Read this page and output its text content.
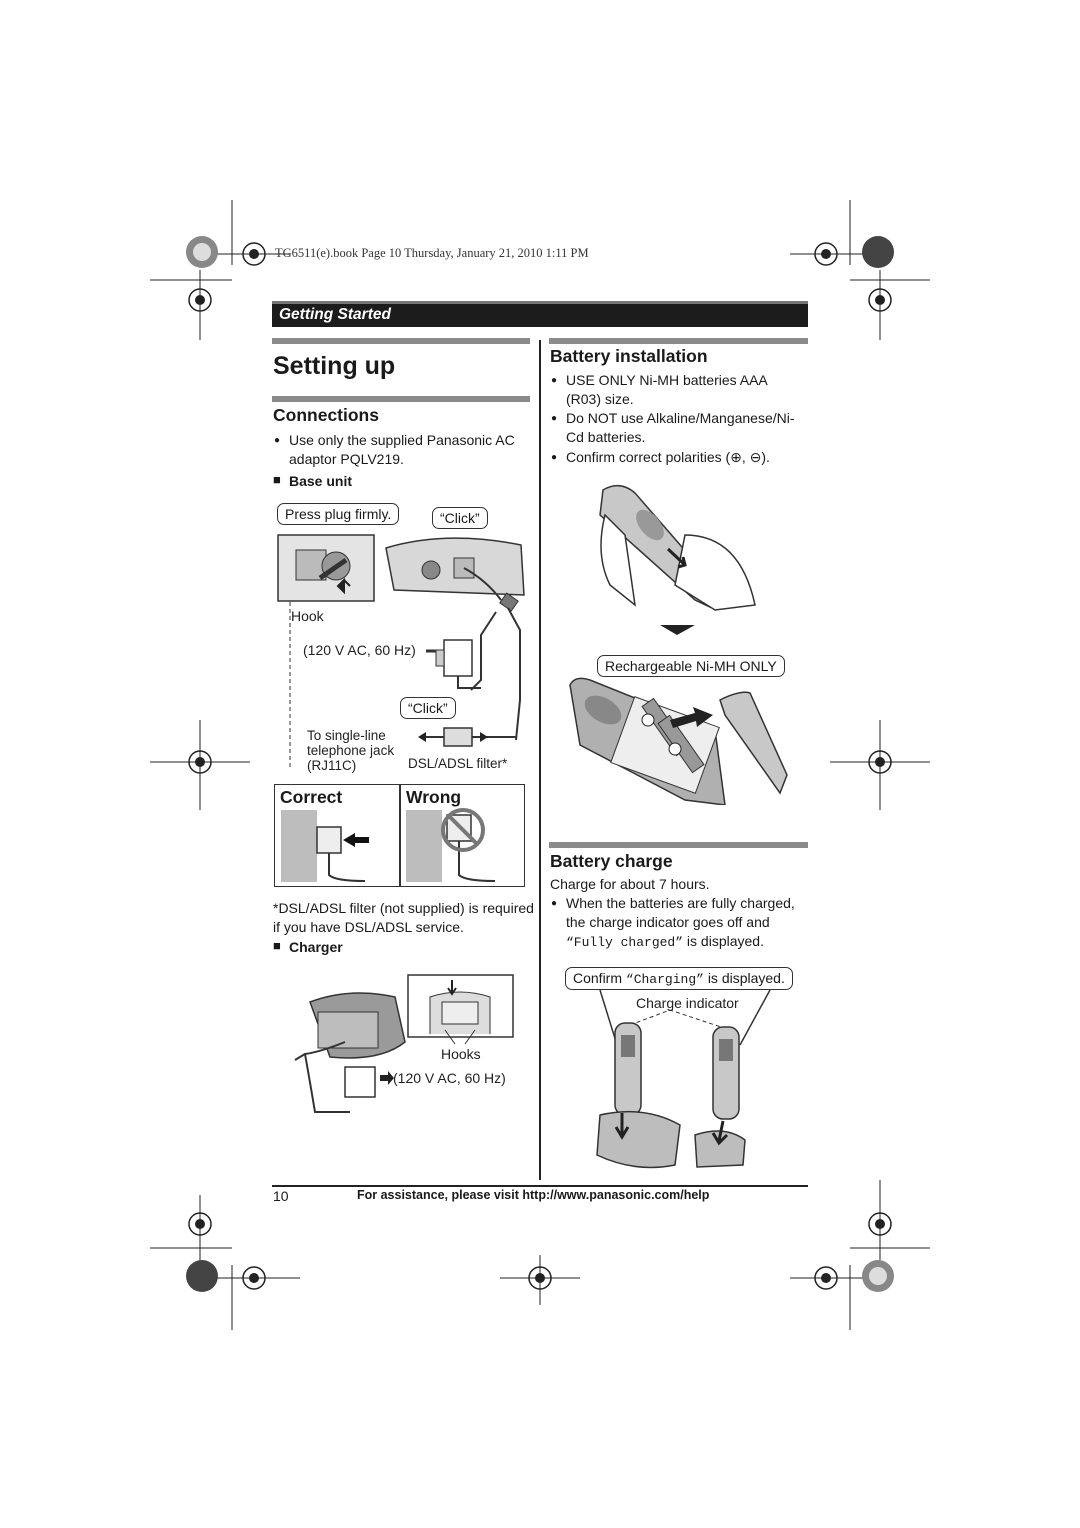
TG6511(e).book Page 10 Thursday, January 21, 2010 1:11 PM
Getting Started
Setting up
Connections
● Use only the supplied Panasonic AC adaptor PQLV219.
■ Base unit
Press plug firmly.	“Click”
Hook
(120 V AC, 60 Hz)
“Click”
To single-line
telephone jack
(RJ11C)	DSL/ADSL filter*
Correct	Wrong
*DSL/ADSL filter (not supplied) is required if you have DSL/ADSL service.
■ Charger
Hooks
(120 V AC, 60 Hz)
Battery installation
● USE ONLY Ni-MH batteries AAA (R03) size.
● Do NOT use Alkaline/Manganese/Ni-Cd batteries.
● Confirm correct polarities (⊕, ⊖).
Rechargeable Ni-MH ONLY
Battery charge
Charge for about 7 hours.
● When the batteries are fully charged, the charge indicator goes off and “Fully charged” is displayed.
Confirm “Charging” is displayed.
Charge indicator
10	For assistance, please visit http://www.panasonic.com/help
